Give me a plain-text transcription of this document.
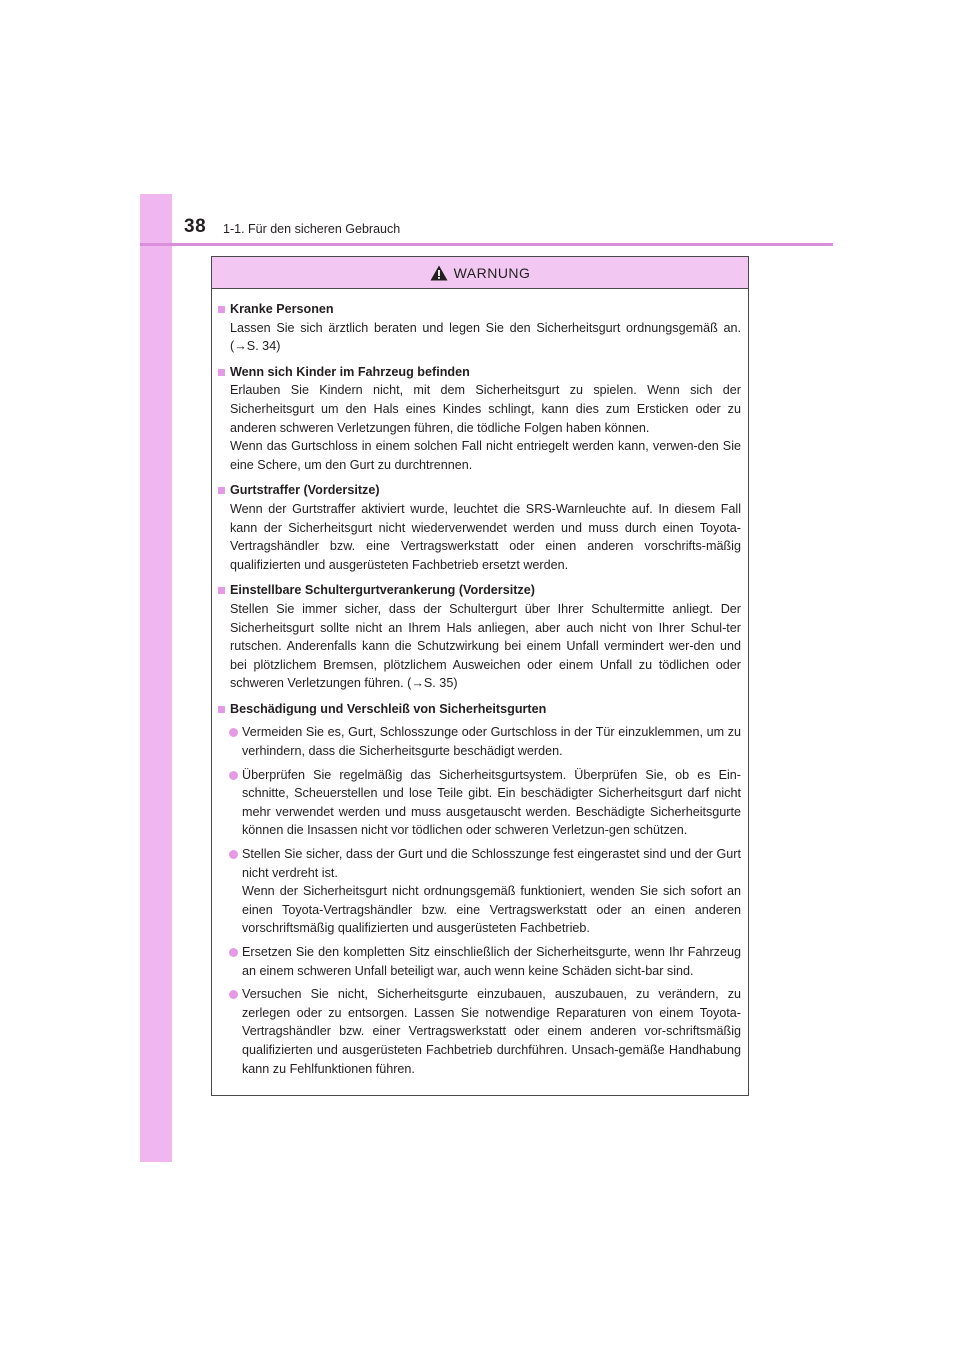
38 1-1. Für den sicheren Gebrauch
WARNUNG
Kranke Personen

Lassen Sie sich ärztlich beraten und legen Sie den Sicherheitsgurt ordnungsgemäß an. (→S. 34)

Wenn sich Kinder im Fahrzeug befinden

Erlauben Sie Kindern nicht, mit dem Sicherheitsgurt zu spielen. Wenn sich der Sicherheitsgurt um den Hals eines Kindes schlingt, kann dies zum Ersticken oder zu anderen schweren Verletzungen führen, die tödliche Folgen haben können.

Wenn das Gurtschloss in einem solchen Fall nicht entriegelt werden kann, verwen-den Sie eine Schere, um den Gurt zu durchtrennen.

Gurtstraffer (Vordersitze)

Wenn der Gurtstraffer aktiviert wurde, leuchtet die SRS-Warnleuchte auf. In diesem Fall kann der Sicherheitsgurt nicht wiederverwendet werden und muss durch einen Toyota-Vertragshändler bzw. eine Vertragswerkstatt oder einen anderen vorschrifts-mäßig qualifizierten und ausgerüsteten Fachbetrieb ersetzt werden.

Einstellbare Schultergurtverankerung (Vordersitze)

Stellen Sie immer sicher, dass der Schultergurt über Ihrer Schultermitte anliegt. Der Sicherheitsgurt sollte nicht an Ihrem Hals anliegen, aber auch nicht von Ihrer Schul-ter rutschen. Anderenfalls kann die Schutzwirkung bei einem Unfall vermindert wer-den und bei plötzlichem Bremsen, plötzlichem Ausweichen oder einem Unfall zu tödlichen oder schweren Verletzungen führen. (→S. 35)

Beschädigung und Verschleiß von Sicherheitsgurten

Vermeiden Sie es, Gurt, Schlosszunge oder Gurtschloss in der Tür einzuklemmen, um zu verhindern, dass die Sicherheitsgurte beschädigt werden.

Überprüfen Sie regelmäßig das Sicherheitsgurtsystem. Überprüfen Sie, ob es Ein-schnitte, Scheuerstellen und lose Teile gibt. Ein beschädigter Sicherheitsgurt darf nicht mehr verwendet werden und muss ausgetauscht werden. Beschädigte Sicherheitsgurte können die Insassen nicht vor tödlichen oder schweren Verletzun-gen schützen.

Stellen Sie sicher, dass der Gurt und die Schlosszunge fest eingerastet sind und der Gurt nicht verdreht ist.

Wenn der Sicherheitsgurt nicht ordnungsgemäß funktioniert, wenden Sie sich sofort an einen Toyota-Vertragshändler bzw. eine Vertragswerkstatt oder an einen anderen vorschriftsmäßig qualifizierten und ausgerüsteten Fachbetrieb.

Ersetzen Sie den kompletten Sitz einschließlich der Sicherheitsgurte, wenn Ihr Fahrzeug an einem schweren Unfall beteiligt war, auch wenn keine Schäden sicht-bar sind.

Versuchen Sie nicht, Sicherheitsgurte einzubauen, auszubauen, zu verändern, zu zerlegen oder zu entsorgen. Lassen Sie notwendige Reparaturen von einem Toyota-Vertragshändler bzw. einer Vertragswerkstatt oder einem anderen vor-schriftsmäßig qualifizierten und ausgerüsteten Fachbetrieb durchführen. Unsach-gemäße Handhabung kann zu Fehlfunktionen führen.
